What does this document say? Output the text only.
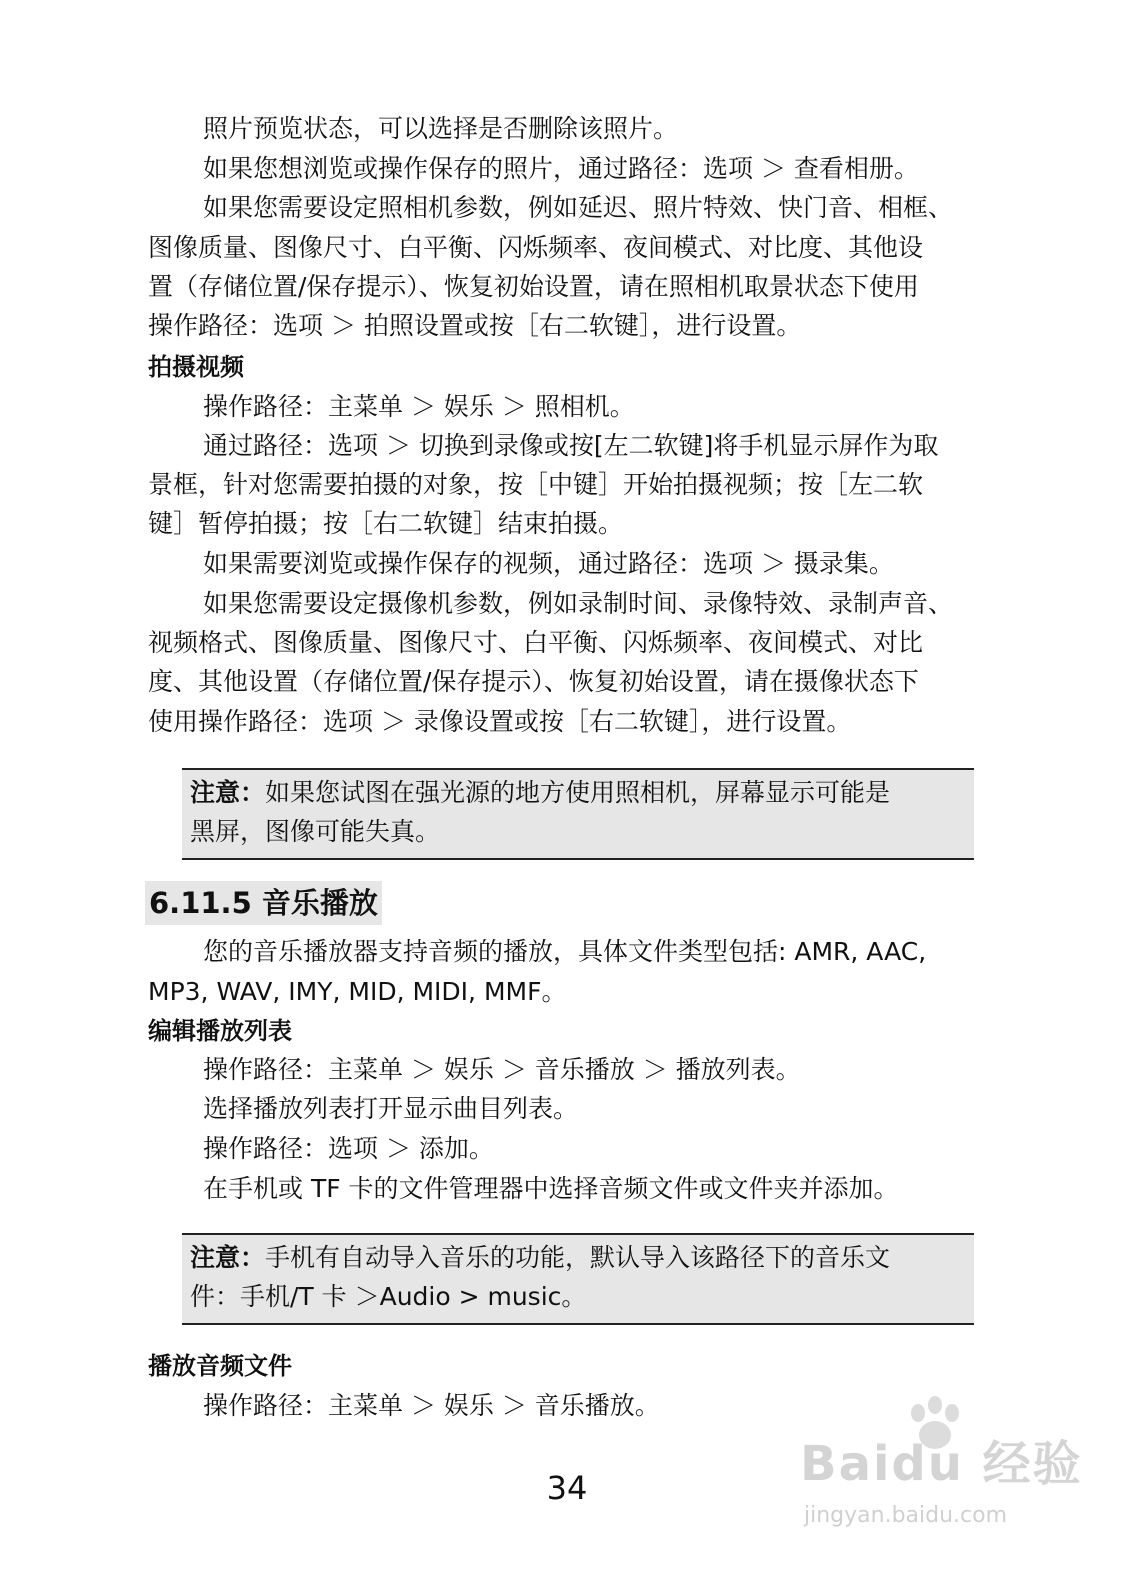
照片预览状态，可以选择是否删除该照片。
如果您想浏览或操作保存的照片，通过路径：选项 ＞ 查看相册。
如果您需要设定照相机参数，例如延迟、照片特效、快门音、相框、
图像质量、图像尺寸、白平衡、闪烁频率、夜间模式、对比度、其他设
置（存储位置/保存提示）、恢复初始设置，请在照相机取景状态下使用
操作路径：选项 ＞ 拍照设置或按［右二软键］，进行设置。
拍摄视频
操作路径：主菜单 ＞ 娱乐 ＞ 照相机。
通过路径：选项 ＞ 切换到录像或按[左二软键]将手机显示屏作为取
景框，针对您需要拍摄的对象，按［中键］开始拍摄视频；按［左二软
键］暂停拍摄；按［右二软键］结束拍摄。
如果需要浏览或操作保存的视频，通过路径：选项 ＞ 摄录集。
如果您需要设定摄像机参数，例如录制时间、录像特效、录制声音、
视频格式、图像质量、图像尺寸、白平衡、闪烁频率、夜间模式、对比
度、其他设置（存储位置/保存提示）、恢复初始设置，请在摄像状态下
使用操作路径：选项 ＞ 录像设置或按［右二软键］，进行设置。
注意：如果您试图在强光源的地方使用照相机，屏幕显示可能是
黑屏，图像可能失真。
6.11.5 音乐播放
您的音乐播放器支持音频的播放，具体文件类型包括: AMR, AAC,
MP3, WAV, IMY, MID, MIDI, MMF。
编辑播放列表
操作路径：主菜单 ＞ 娱乐 ＞ 音乐播放 ＞ 播放列表。
选择播放列表打开显示曲目列表。
操作路径：选项 ＞ 添加。
在手机或 TF 卡的文件管理器中选择音频文件或文件夹并添加。
注意：手机有自动导入音乐的功能，默认导入该路径下的音乐文
件：手机/T 卡 ＞Audio > music。
播放音频文件
操作路径：主菜单 ＞ 娱乐 ＞ 音乐播放。
34	Baidu 经验
jingyan.baidu.com
